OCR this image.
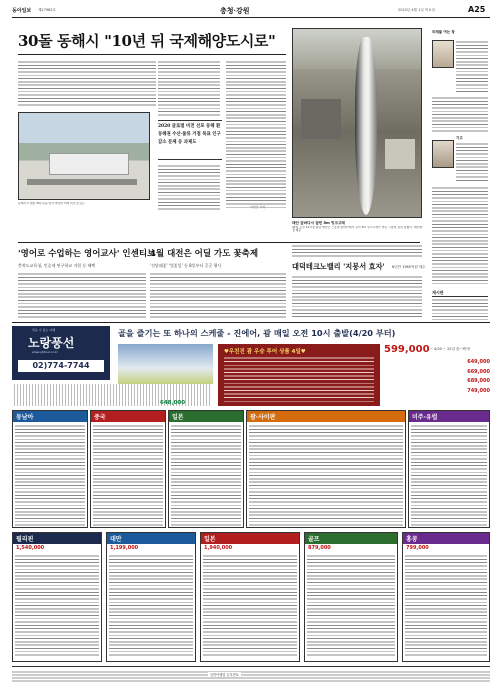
동아일보 제27962호	충청·강원	2010년 4월 1일 목요일	A25
30돌 동해시 "10년 뒤 국제해양도시로"
동해시가 개청 30주년을 맞아 마련한 미래 비전 조감도
2020 글로벌 비전 선포 동해 환동해권 수산·물류 거점 목표 인구 감소 문제 등 과제도
이인모 기자
태안 앞바다서 잡힌 5m 밍크고래
31일 오전 11시경 충남 태안군 근흥면 앞바다에서 길이 5m 밍크고래가 어민 그물에 걸려 잡혔다. 태안해경 제공
미래를 여는 창
기고
'영어로 수업하는 영어교사' 인센티브
충북도교육청, 인증제 연구학교 지원 등 혜택
4월 대전은 어딜 가도 꽃축제
'진달래꽃' '벚꽃잎' 등 8일부터 곳곳 행사	대덕테크노밸리 '지붕서 효자' 6년만 1965억원 세수
게시판
믿을 수 있는 여행
노랑풍선
www.ybtour.co.kr
02)774-7744
골을 즐기는 또 하나의 스케줄 - 진에어, 괌 매일 오전 10시 출발(4/20 부터)
♥우친진 괌 우승 투어 상품 4일♥	599,000 ~ 4/20 ~ 22일 출~팩가!
649,000
669,000
689,000
749,000
648,000
동남아	중국	일본	괌·사이판	미주·유럽
필리핀
1,540,000
대만
1,199,000
일본
1,940,000
골프
879,000
홍콩
799,000
일반여행업 등록번호
